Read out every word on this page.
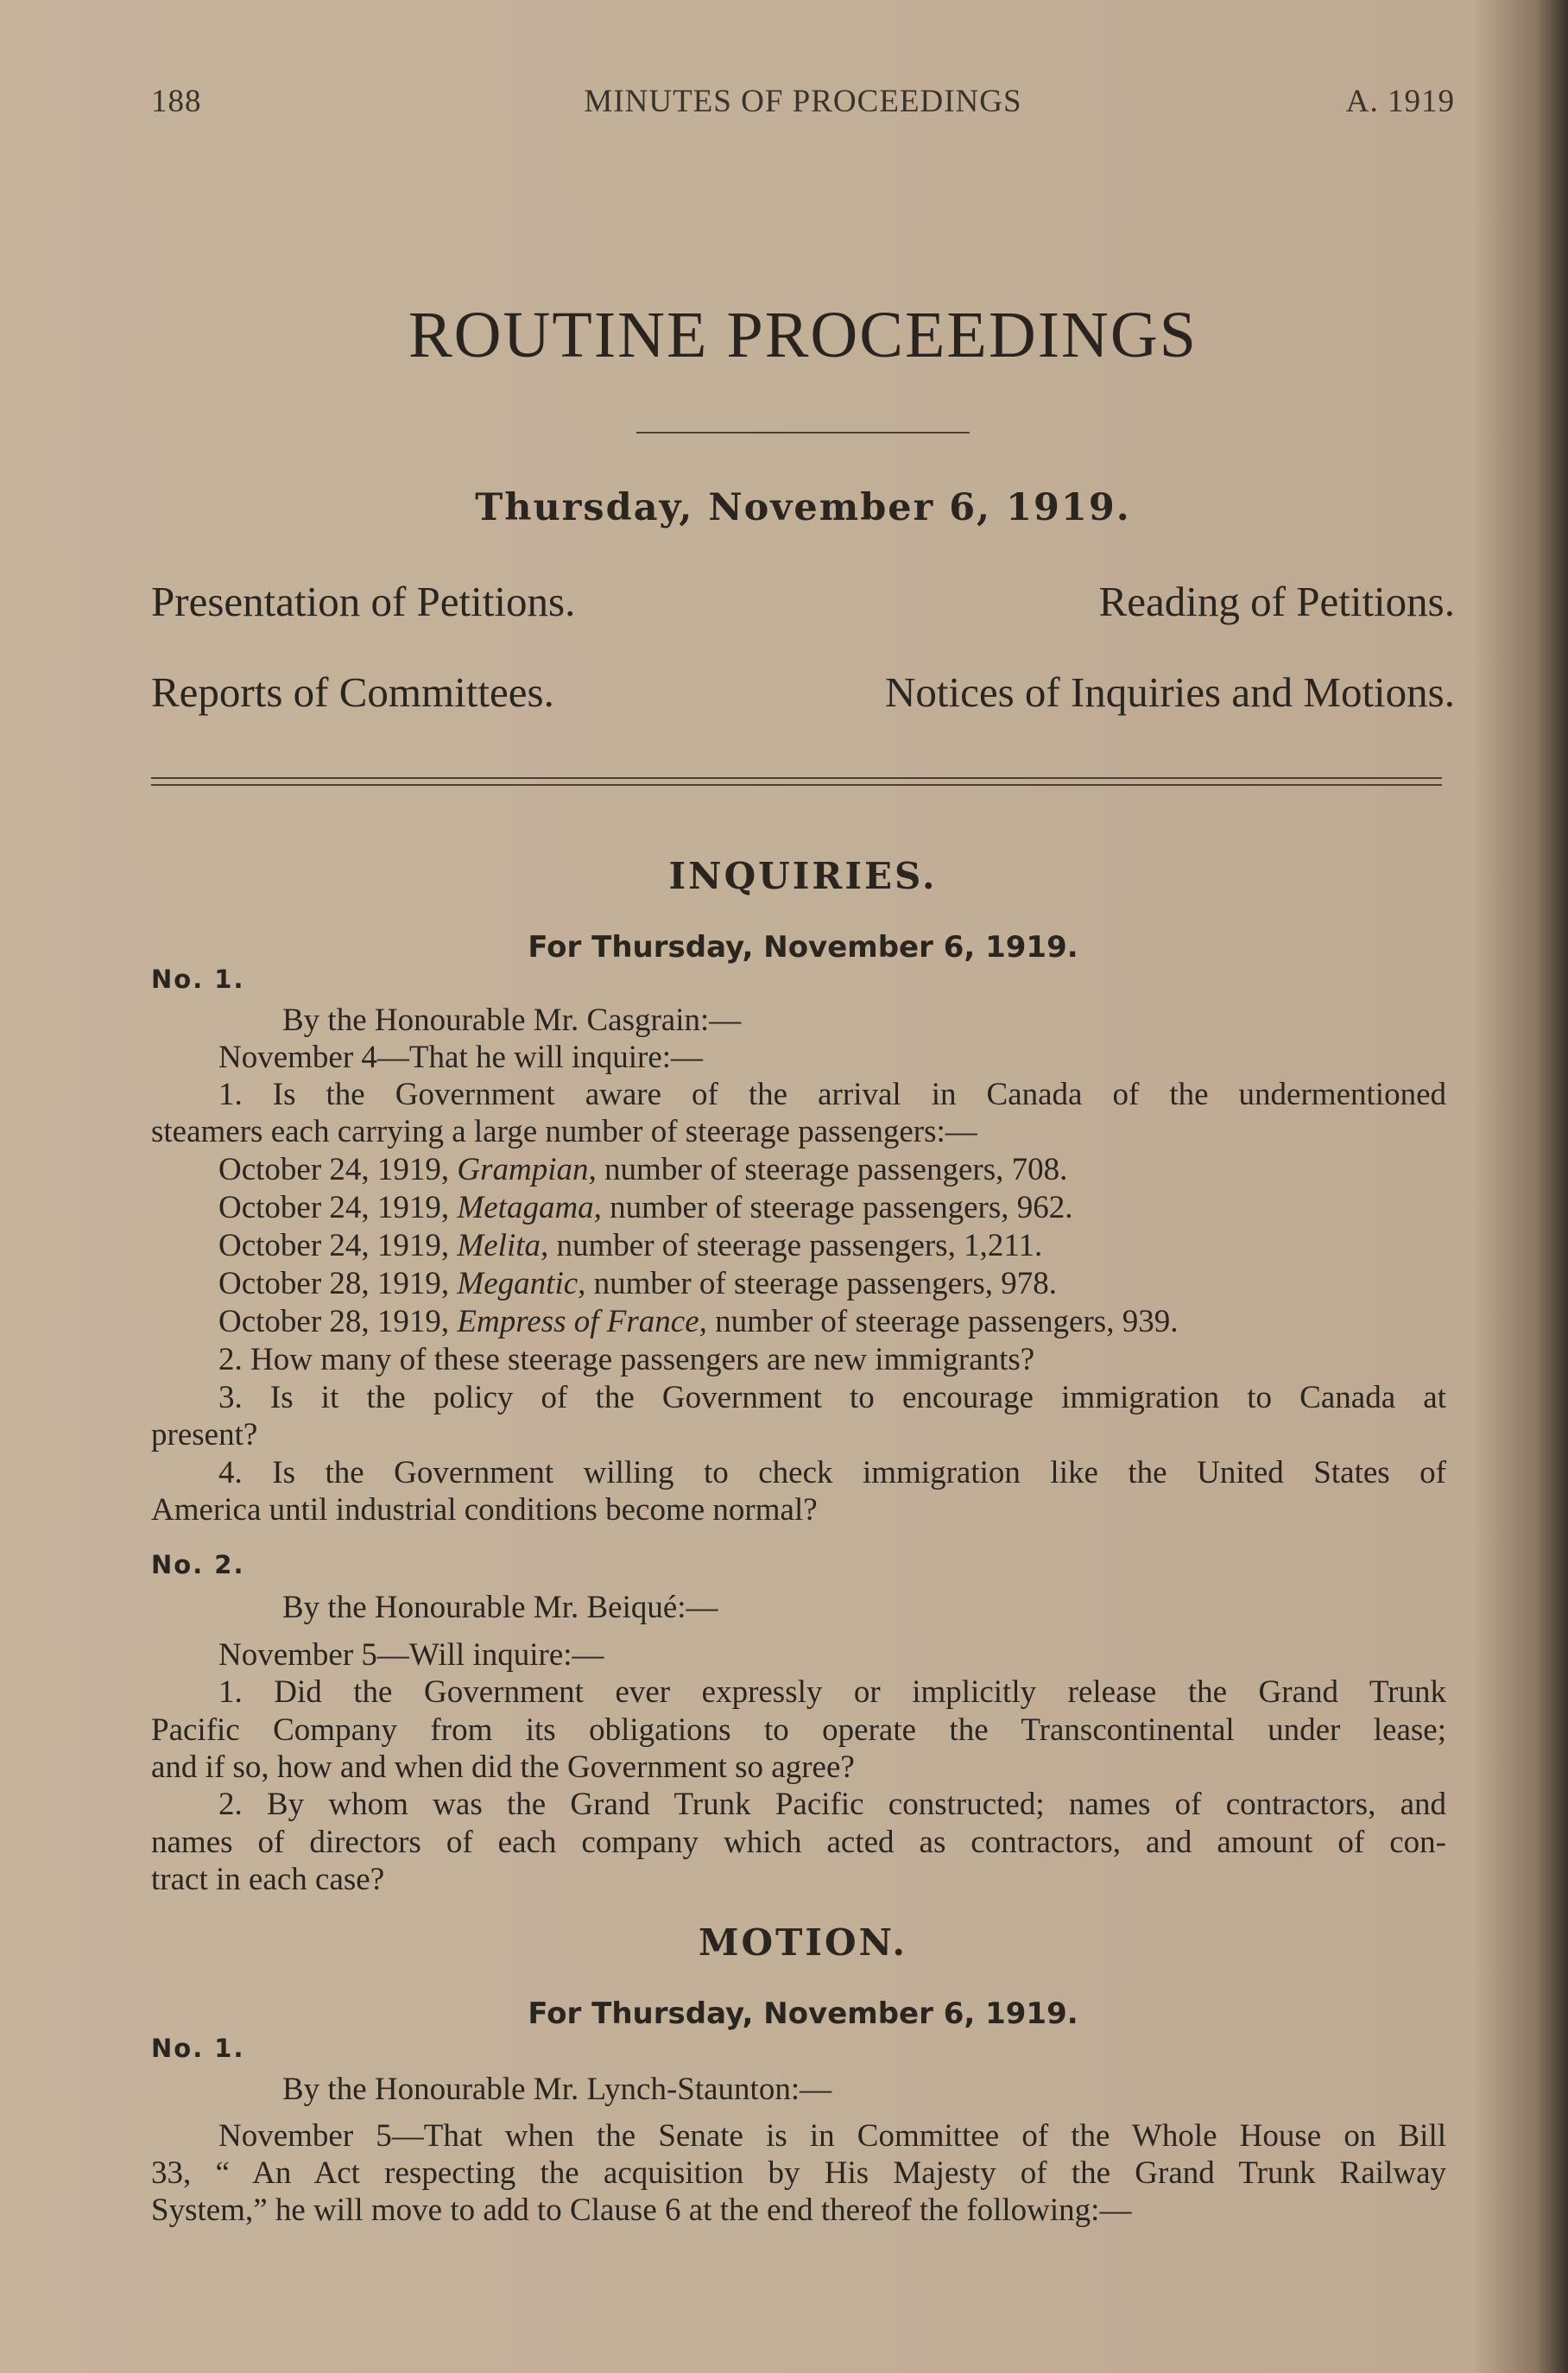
188	MINUTES OF PROCEEDINGS	A. 1919
ROUTINE PROCEEDINGS
Thursday, November 6, 1919.
Presentation of Petitions.	Reading of Petitions.
Reports of Committees.	Notices of Inquiries and Motions.
INQUIRIES.
For Thursday, November 6, 1919.
No. 1.
By the Honourable Mr. Casgrain:—
November 4—That he will inquire:—
1. Is the Government aware of the arrival in Canada of the undermentioned
steamers each carrying a large number of steerage passengers:—
October 24, 1919, Grampian, number of steerage passengers, 708.
October 24, 1919, Metagama, number of steerage passengers, 962.
October 24, 1919, Melita, number of steerage passengers, 1,211.
October 28, 1919, Megantic, number of steerage passengers, 978.
October 28, 1919, Empress of France, number of steerage passengers, 939.
2. How many of these steerage passengers are new immigrants?
3. Is it the policy of the Government to encourage immigration to Canada at
present?
4. Is the Government willing to check immigration like the United States of
America until industrial conditions become normal?
No. 2.
By the Honourable Mr. Beiqué:—
November 5—Will inquire:—
1. Did the Government ever expressly or implicitly release the Grand Trunk
Pacific Company from its obligations to operate the Transcontinental under lease;
and if so, how and when did the Government so agree?
2. By whom was the Grand Trunk Pacific constructed; names of contractors, and
names of directors of each company which acted as contractors, and amount of con-
tract in each case?
MOTION.
For Thursday, November 6, 1919.
No. 1.
By the Honourable Mr. Lynch-Staunton:—
November 5—That when the Senate is in Committee of the Whole House on Bill
33, “ An Act respecting the acquisition by His Majesty of the Grand Trunk Railway
System,” he will move to add to Clause 6 at the end thereof the following:—
